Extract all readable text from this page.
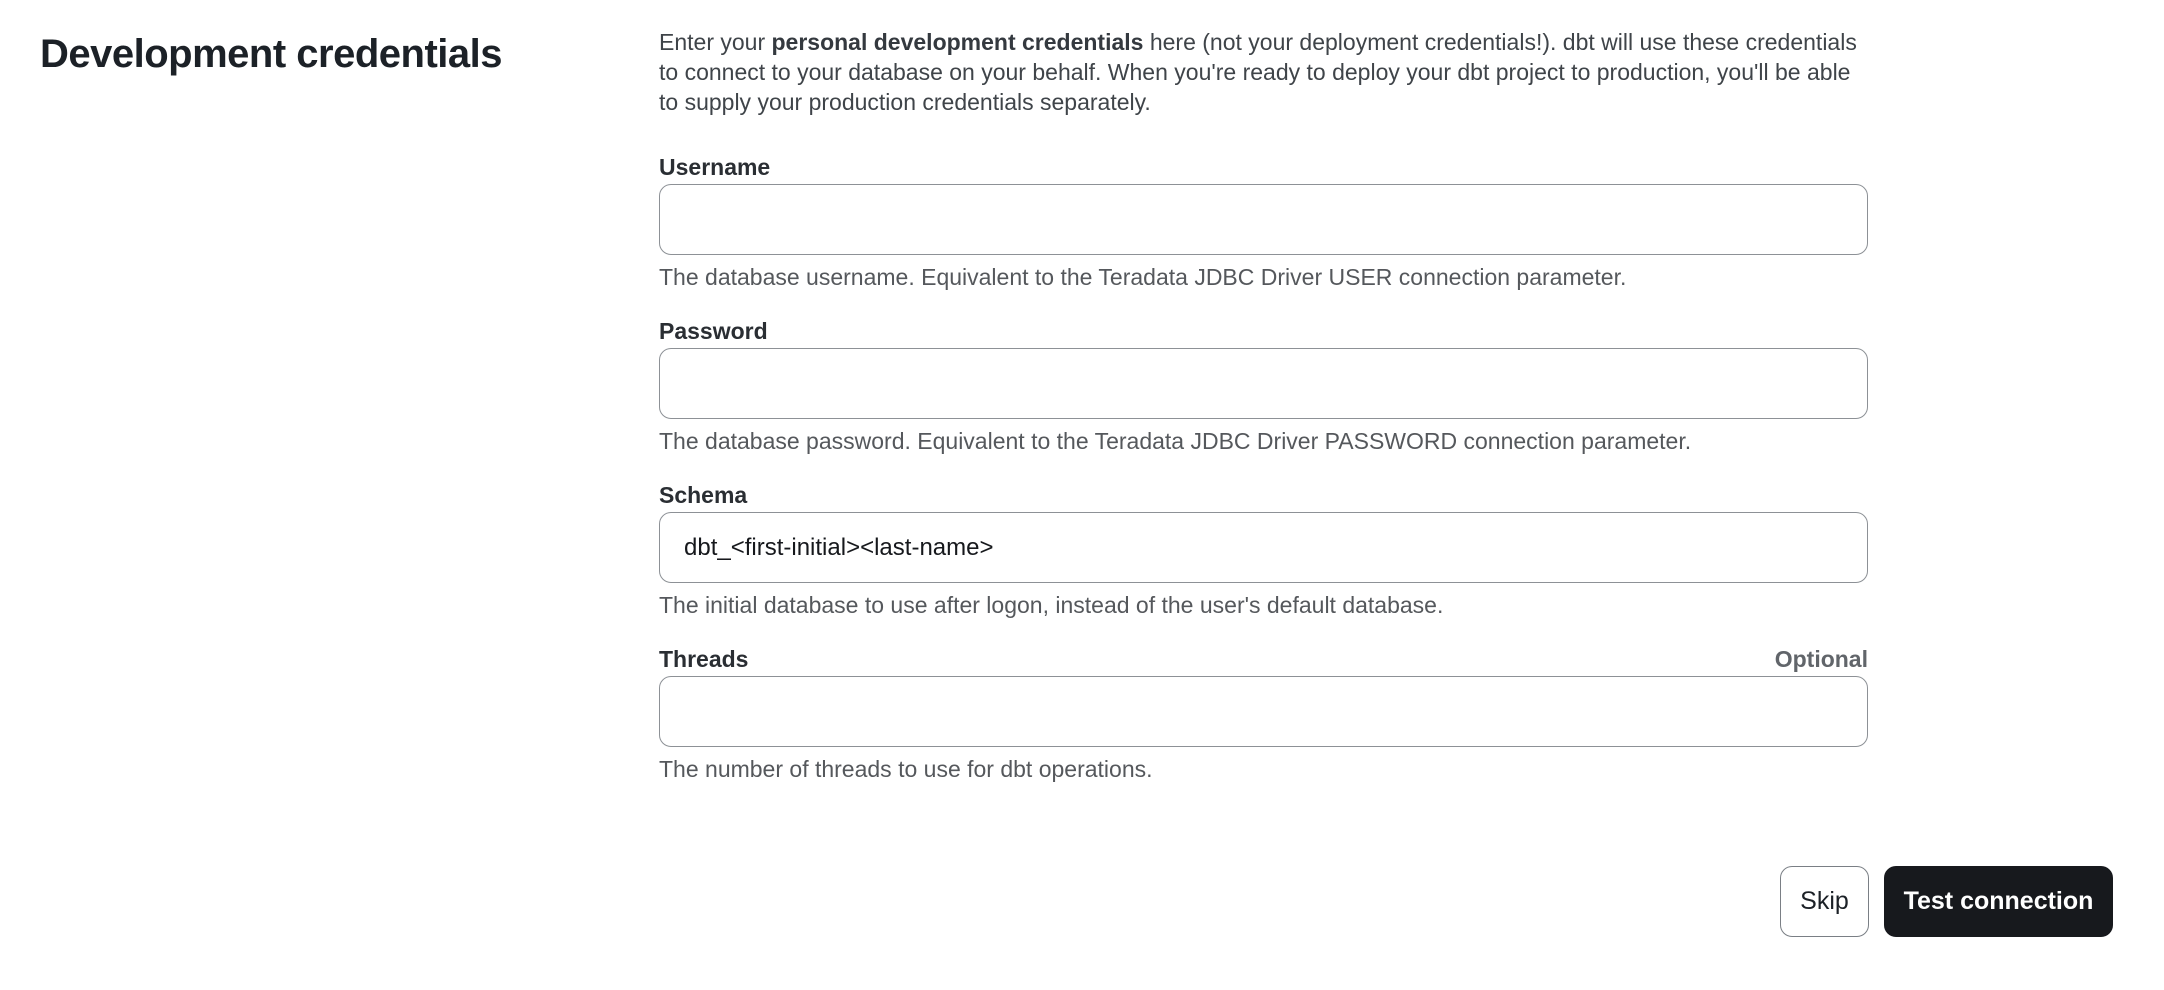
Development credentials	Enter your personal development credentials here (not your deployment credentials!). dbt will use these credentials to connect to your database on your behalf. When you're ready to deploy your dbt project to production, you'll be able to supply your production credentials separately.

Username
The database username. Equivalent to the Teradata JDBC Driver USER connection parameter.
Password
The database password. Equivalent to the Teradata JDBC Driver PASSWORD connection parameter.
Schema
dbt_<first-initial><last-name>
The initial database to use after logon, instead of the user's default database.
Threads	Optional
The number of threads to use for dbt operations.
Skip	Test connection
